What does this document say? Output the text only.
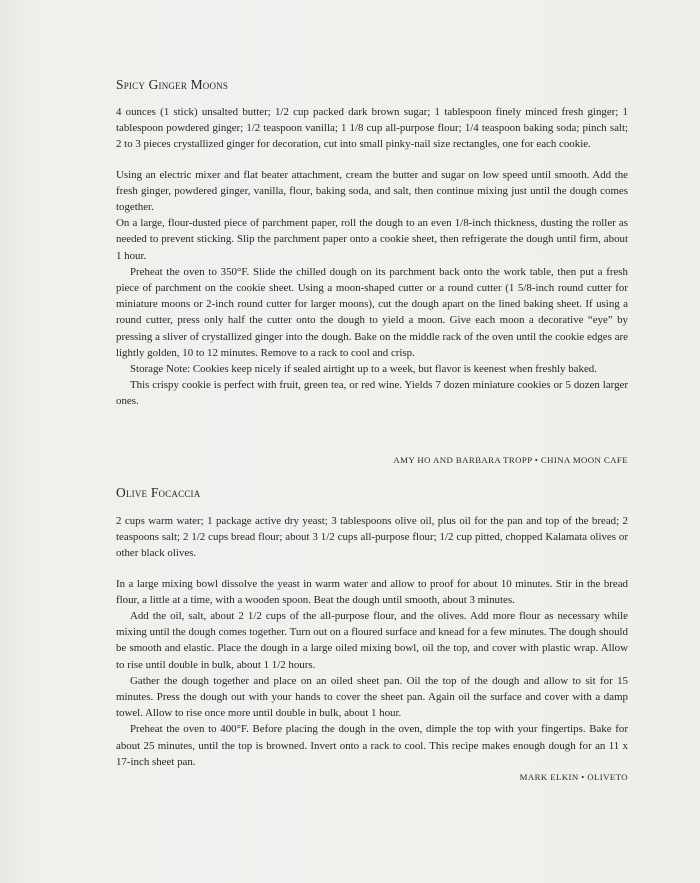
Spicy Ginger Moons

4 ounces (1 stick) unsalted butter; 1/2 cup packed dark brown sugar; 1 tablespoon finely minced fresh ginger; 1 tablespoon powdered ginger; 1/2 teaspoon vanilla; 1 1/8 cup all-purpose flour; 1/4 teaspoon baking soda; pinch salt; 2 to 3 pieces crystallized ginger for decoration, cut into small pinky-nail size rectangles, one for each cookie.

Using an electric mixer and flat beater attachment, cream the butter and sugar on low speed until smooth. Add the fresh ginger, powdered ginger, vanilla, flour, baking soda, and salt, then continue mixing just until the dough comes together.

On a large, flour-dusted piece of parchment paper, roll the dough to an even 1/8-inch thickness, dusting the roller as needed to prevent sticking. Slip the parchment paper onto a cookie sheet, then refrigerate the dough until firm, about 1 hour.

Preheat the oven to 350°F. Slide the chilled dough on its parchment back onto the work table, then put a fresh piece of parchment on the cookie sheet. Using a moon-shaped cutter or a round cutter (1 5/8-inch round cutter for miniature moons or 2-inch round cutter for larger moons), cut the dough apart on the lined baking sheet. If using a round cutter, press only half the cutter onto the dough to yield a moon. Give each moon a decorative “eye” by pressing a sliver of crystallized ginger into the dough. Bake on the middle rack of the oven until the cookie edges are lightly golden, 10 to 12 minutes. Remove to a rack to cool and crisp.

Storage Note: Cookies keep nicely if sealed airtight up to a week, but flavor is keenest when freshly baked.

This crispy cookie is perfect with fruit, green tea, or red wine. Yields 7 dozen miniature cookies or 5 dozen larger ones.

AMY HO AND BARBARA TROPP • CHINA MOON CAFE

Olive Focaccia

2 cups warm water; 1 package active dry yeast; 3 tablespoons olive oil, plus oil for the pan and top of the bread; 2 teaspoons salt; 2 1/2 cups bread flour; about 3 1/2 cups all-purpose flour; 1/2 cup pitted, chopped Kalamata olives or other black olives.

In a large mixing bowl dissolve the yeast in warm water and allow to proof for about 10 minutes. Stir in the bread flour, a little at a time, with a wooden spoon. Beat the dough until smooth, about 3 minutes.

Add the oil, salt, about 2 1/2 cups of the all-purpose flour, and the olives. Add more flour as necessary while mixing until the dough comes together. Turn out on a floured surface and knead for a few minutes. The dough should be smooth and elastic. Place the dough in a large oiled mixing bowl, oil the top, and cover with plastic wrap. Allow to rise until double in bulk, about 1 1/2 hours.

Gather the dough together and place on an oiled sheet pan. Oil the top of the dough and allow to sit for 15 minutes. Press the dough out with your hands to cover the sheet pan. Again oil the surface and cover with a damp towel. Allow to rise once more until double in bulk, about 1 hour.

Preheat the oven to 400°F. Before placing the dough in the oven, dimple the top with your fingertips. Bake for about 25 minutes, until the top is browned. Invert onto a rack to cool. This recipe makes enough dough for an 11 x 17-inch sheet pan.

MARK ELKIN • OLIVETO
